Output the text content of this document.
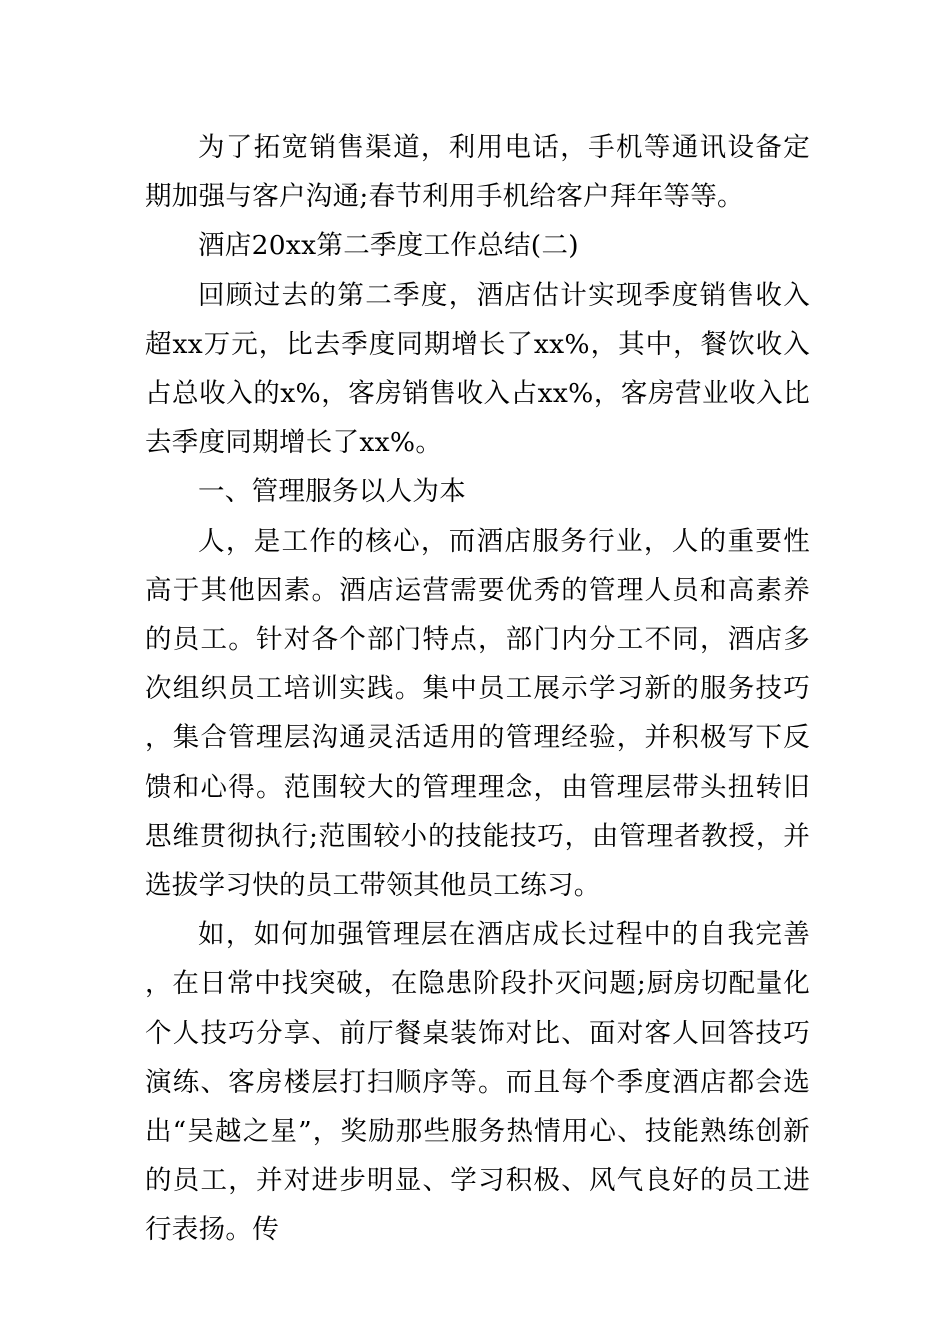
为了拓宽销售渠道，利用电话，手机等通讯设备定期加强与客户沟通;春节利用手机给客户拜年等等。

酒店20xx第二季度工作总结(二)

回顾过去的第二季度，酒店估计实现季度销售收入超xx万元，比去季度同期增长了xx%，其中，餐饮收入占总收入的x%，客房销售收入占xx%，客房营业收入比去季度同期增长了xx%。

一、管理服务以人为本

人，是工作的核心，而酒店服务行业，人的重要性高于其他因素。酒店运营需要优秀的管理人员和高素养的员工。针对各个部门特点，部门内分工不同，酒店多次组织员工培训实践。集中员工展示学习新的服务技巧，集合管理层沟通灵活适用的管理经验，并积极写下反馈和心得。范围较大的管理理念，由管理层带头扭转旧思维贯彻执行;范围较小的技能技巧，由管理者教授，并选拔学习快的员工带领其他员工练习。

如，如何加强管理层在酒店成长过程中的自我完善，在日常中找突破，在隐患阶段扑灭问题;厨房切配量化个人技巧分享、前厅餐桌装饰对比、面对客人回答技巧演练、客房楼层打扫顺序等。而且每个季度酒店都会选出“吴越之星”，奖励那些服务热情用心、技能熟练创新的员工，并对进步明显、学习积极、风气良好的员工进行表扬。传
